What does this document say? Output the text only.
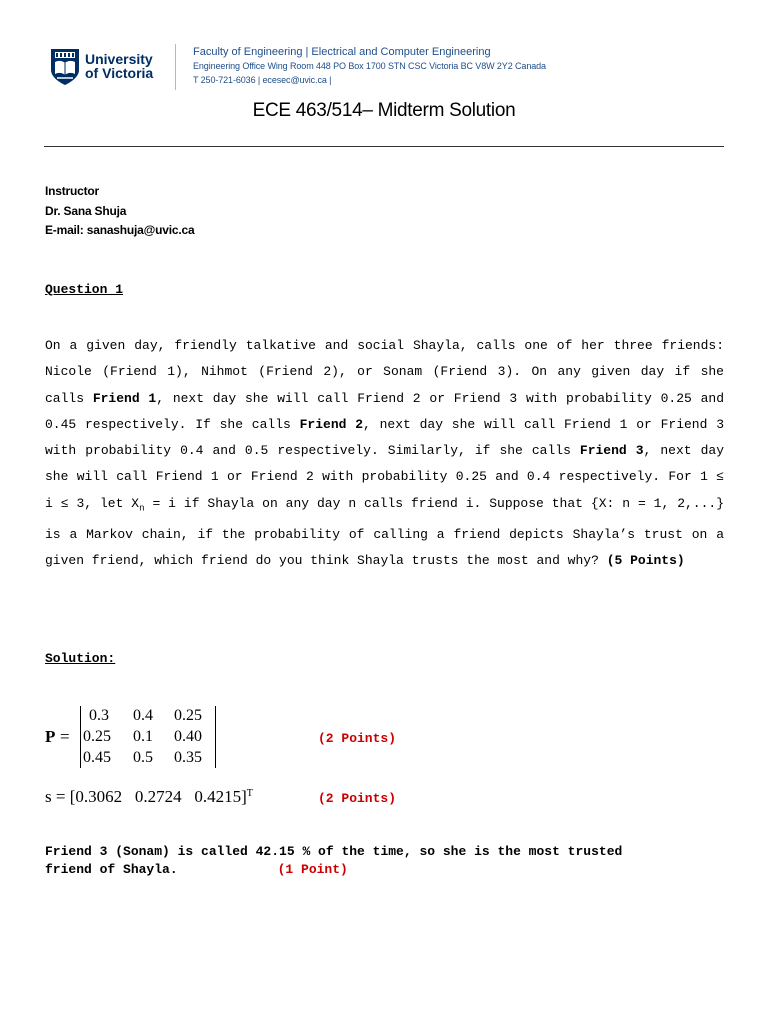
University
of Victoria
Faculty of Engineering | Electrical and Computer Engineering
Engineering Office Wing Room 448 PO Box 1700 STN CSC Victoria BC V8W 2Y2 Canada
T 250-721-6036 | ecesec@uvic.ca |
ECE 463/514– Midterm Solution
Instructor
Dr. Sana Shuja
E-mail: sanashuja@uvic.ca
Question 1
On a given day, friendly talkative and social Shayla, calls one of her three friends: Nicole (Friend 1), Nihmot (Friend 2), or Sonam (Friend 3). On any given day if she calls Friend 1, next day she will call Friend 2 or Friend 3 with probability 0.25 and 0.45 respectively. If she calls Friend 2, next day she will call Friend 1 or Friend 3 with probability 0.4 and 0.5 respectively. Similarly, if she calls Friend 3, next day she will call Friend 1 or Friend 2 with probability 0.25 and 0.4 respectively. For 1 ≤ i ≤ 3, let $X_n = i$ if Shayla on any day n calls friend i. Suppose that {X: n = 1, 2,...} is a Markov chain, if the probability of calling a friend depicts Shayla’s trust on a given friend, which friend do you think Shayla trusts the most and why? (5 Points)
Solution:
P =
0.3 0.4 0.25
0.25 0.1 0.40
0.45 0.5 0.35
(2 Points)
s = [0.3062   0.2724   0.4215]$^T$	(2 Points)
Friend 3 (Sonam) is called 42.15 % of the time, so she is the most trusted
friend of Shayla.	(1 Point)
